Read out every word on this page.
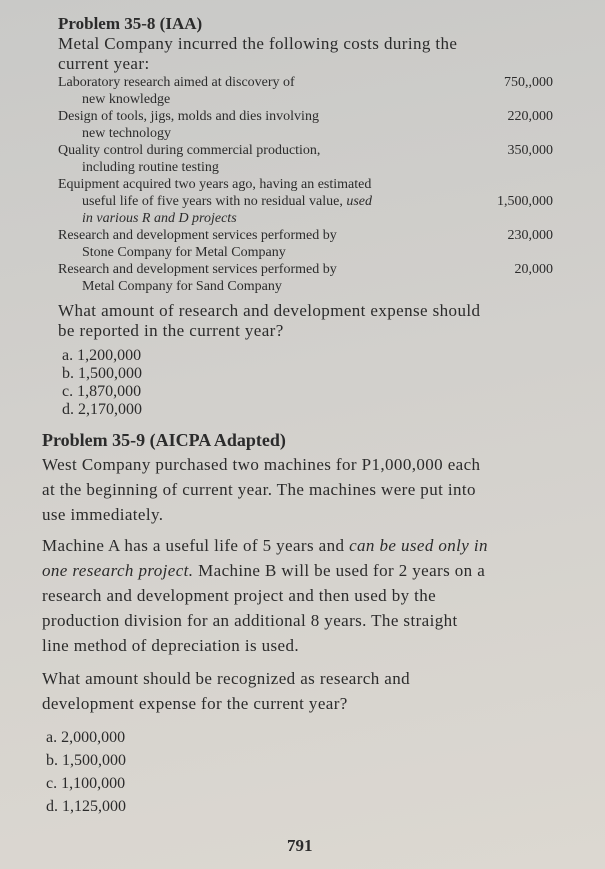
Problem 35-8 (IAA)
Metal Company incurred the following costs during the
current year:
Laboratory research aimed at discovery of
new knowledge
750,,000
Design of tools, jigs, molds and dies involving
new technology
220,000
Quality control during commercial production,
including routine testing
350,000
Equipment acquired two years ago, having an estimated
useful life of five years with no residual value, used
in various R and D projects
1,500,000
Research and development services performed by
Stone Company for Metal Company
230,000
Research and development services performed by
Metal Company for Sand Company
20,000
What amount of research and development expense should
be reported in the current year?
a. 1,200,000
b. 1,500,000
c. 1,870,000
d. 2,170,000
Problem 35-9 (AICPA Adapted)
West Company purchased two machines for P1,000,000 each
at the beginning of current year. The machines were put into
use immediately.
Machine A has a useful life of 5 years and can be used only in
one research project. Machine B will be used for 2 years on a
research and development project and then used by the
production division for an additional 8 years. The straight
line method of depreciation is used.
What amount should be recognized as research and
development expense for the current year?
a. 2,000,000
b. 1,500,000
c. 1,100,000
d. 1,125,000
791
